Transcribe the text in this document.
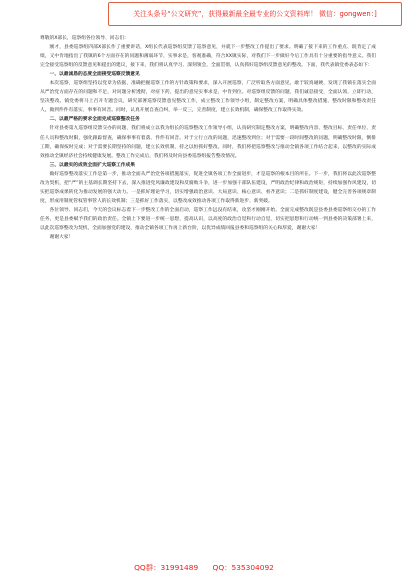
关注头条号“公文研究”，获得最新最全最专业的公文资料库！ 微信：gongwen：]

尊敬的X部长，巡察组各位领导、同志们：

刚才，县委巡察组四部X部长作了重要讲话，X组长代表巡察组反馈了巡察意见，并就下一步整改工作提出了要求。明确了接下来的工作重点、既肯定了成绩，又中肯地指出了我镇的6个方面存在的问题和薄弱环节，实事求是，客观准确，符合XX镇实际，对我们下一步做好今后工作具有十分重要的指导意义。我们完全接受巡察组的反馈意见和提出的建议，接下来，我们将认真学习、深刻领会，全面贯彻，认真抓好巡察组反馈意见的整改。下面，我代表镇党委表态如下：

一、以最诚恳的态度全面接受巡察反馈意见

本次巡察，巡察组坚持以党章为依据，准确把握巡察工作的方针政策和要求，深入开展巡察，广泛听取各方面意见，敢于较真碰硬，发现了我镇在落实全面从严治党方面存在的问题和不足，对问题分析透彻，对症下药，提出的意见实事求是，中肯到位。对巡察组反馈的问题，我们诚恳接受，全面认领，立即行动，坚决整改。镇党委将马上召开专题会议，研究部署巡察反馈意见整改工作，成立整改工作领导小组，制定整改方案，明确具体整改措施、整改时限和整改责任人，做到件件有落实、事事有回音。同时，认真开展自查自纠，举一反三，完善制度，建立长效机制，确保整改工作取得实效。

二、以最严格的要求全面完成巡察整改任务

针对县委第九巡察组反馈交办的问题，我们将成立以我为组长的巡察整改工作领导小组，认真研究制定整改方案，明确整改内容、整改目标、责任单位、责任人员和整改时限，强化跟踪督查，确保事事有着落、件件有回音。对于立行立改的问题，迅速整改到位；对于需要一段时间整改的问题，明确整改时限，倒排工期，确保按时完成；对于需要长期坚持的问题，建立长效机制，持之以恒抓好整改。同时，我们将把巡察整改与推动全镇各项工作结合起来，以整改的实际成效推动全镇经济社会持续健康发展。整改工作完成后，我们将及时向县委巡察组报告整改情况。

三、以最实的成效全面扩大巡察工作成果

做好巡察整改落实工作是第一步，推动全面从严治党各项措施落实，促进全镇各项工作全面进步，才是巡察的根本目的所在。下一步，我们将以此次巡察整改为契机，把“严”的主基调长期坚持下去，深入推进党风廉政建设和反腐败斗争，进一步加强干部队伍建设，严明政治纪律和政治规矩，持续加强作风建设，切实把巡察成果转化为推动发展的强大动力。一是抓好理论学习，切实增强政治意识、大局意识、核心意识、看齐意识；二是抓好制度建设，健全完善各项规章制度，形成用制度管权管事管人的长效机制；三是抓好工作落实，以整改成效推动各项工作取得新进步、新突破。

各位领导、同志们，今天的会议标志着下一步整改工作的全面启动，巡察工作远没有结束，攻坚才刚刚开始。全面完成整改既是县委县委巡察组交办的工作任务，更是县委赋予我们的政治责任。全镇上下要进一步统一思想，提高认识，以高度的政治自觉和行动自觉，切实把思想和行动统一到县委的决策部署上来，以此次巡察整改为契机，全面加强党的建设，推动全镇各项工作再上新台阶，以优异成绩回报县委和巡察组的关心和厚爱，谢谢大家！

谢谢大家！

QQ群：31991489 QQ：535304092
